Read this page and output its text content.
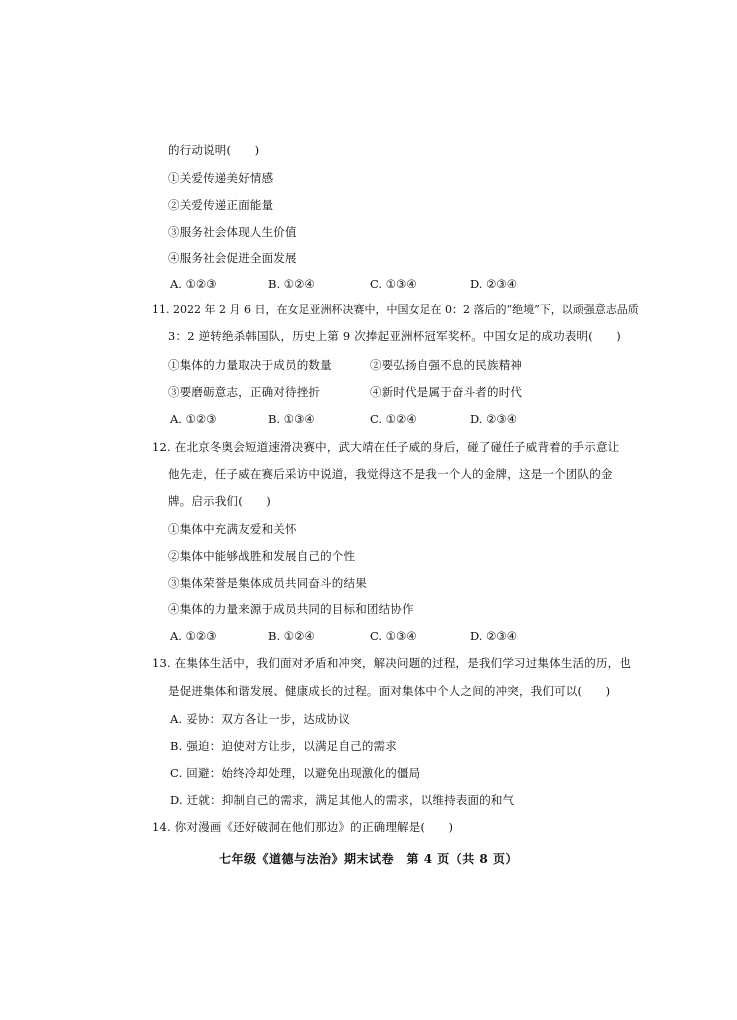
的行动说明(　　)
①关爱传递美好情感
②关爱传递正面能量
③服务社会体现人生价值
④服务社会促进全面发展
A. ①②③	B. ①②④	C. ①③④	D. ②③④
11. 2022 年 2 月 6 日，在女足亚洲杯决赛中，中国女足在 0：2 落后的“绝境”下，以顽强意志品质
3：2 逆转绝杀韩国队，历史上第 9 次捧起亚洲杯冠军奖杯。中国女足的成功表明(　　)
①集体的力量取决于成员的数量	②要弘扬自强不息的民族精神
③要磨砺意志，正确对待挫折	④新时代是属于奋斗者的时代
A. ①②③	B. ①③④	C. ①②④	D. ②③④
12. 在北京冬奥会短道速滑决赛中，武大靖在任子威的身后，碰了碰任子威背着的手示意让
他先走，任子威在赛后采访中说道，我觉得这不是我一个人的金牌，这是一个团队的金
牌。启示我们(　　)
①集体中充满友爱和关怀
②集体中能够战胜和发展自己的个性
③集体荣誉是集体成员共同奋斗的结果
④集体的力量来源于成员共同的目标和团结协作
A. ①②③	B. ①②④	C. ①③④	D. ②③④
13. 在集体生活中，我们面对矛盾和冲突，解决问题的过程，是我们学习过集体生活的历，也
是促进集体和谐发展、健康成长的过程。面对集体中个人之间的冲突，我们可以(　　)
A. 妥协：双方各让一步，达成协议
B. 强迫：迫使对方让步，以满足自己的需求
C. 回避：始终冷却处理，以避免出现激化的僵局
D. 迁就：抑制自己的需求，满足其他人的需求，以维持表面的和气
14. 你对漫画《还好破洞在他们那边》的正确理解是(　　)
七年级《道德与法治》期末试卷　第 4 页（共 8 页）
